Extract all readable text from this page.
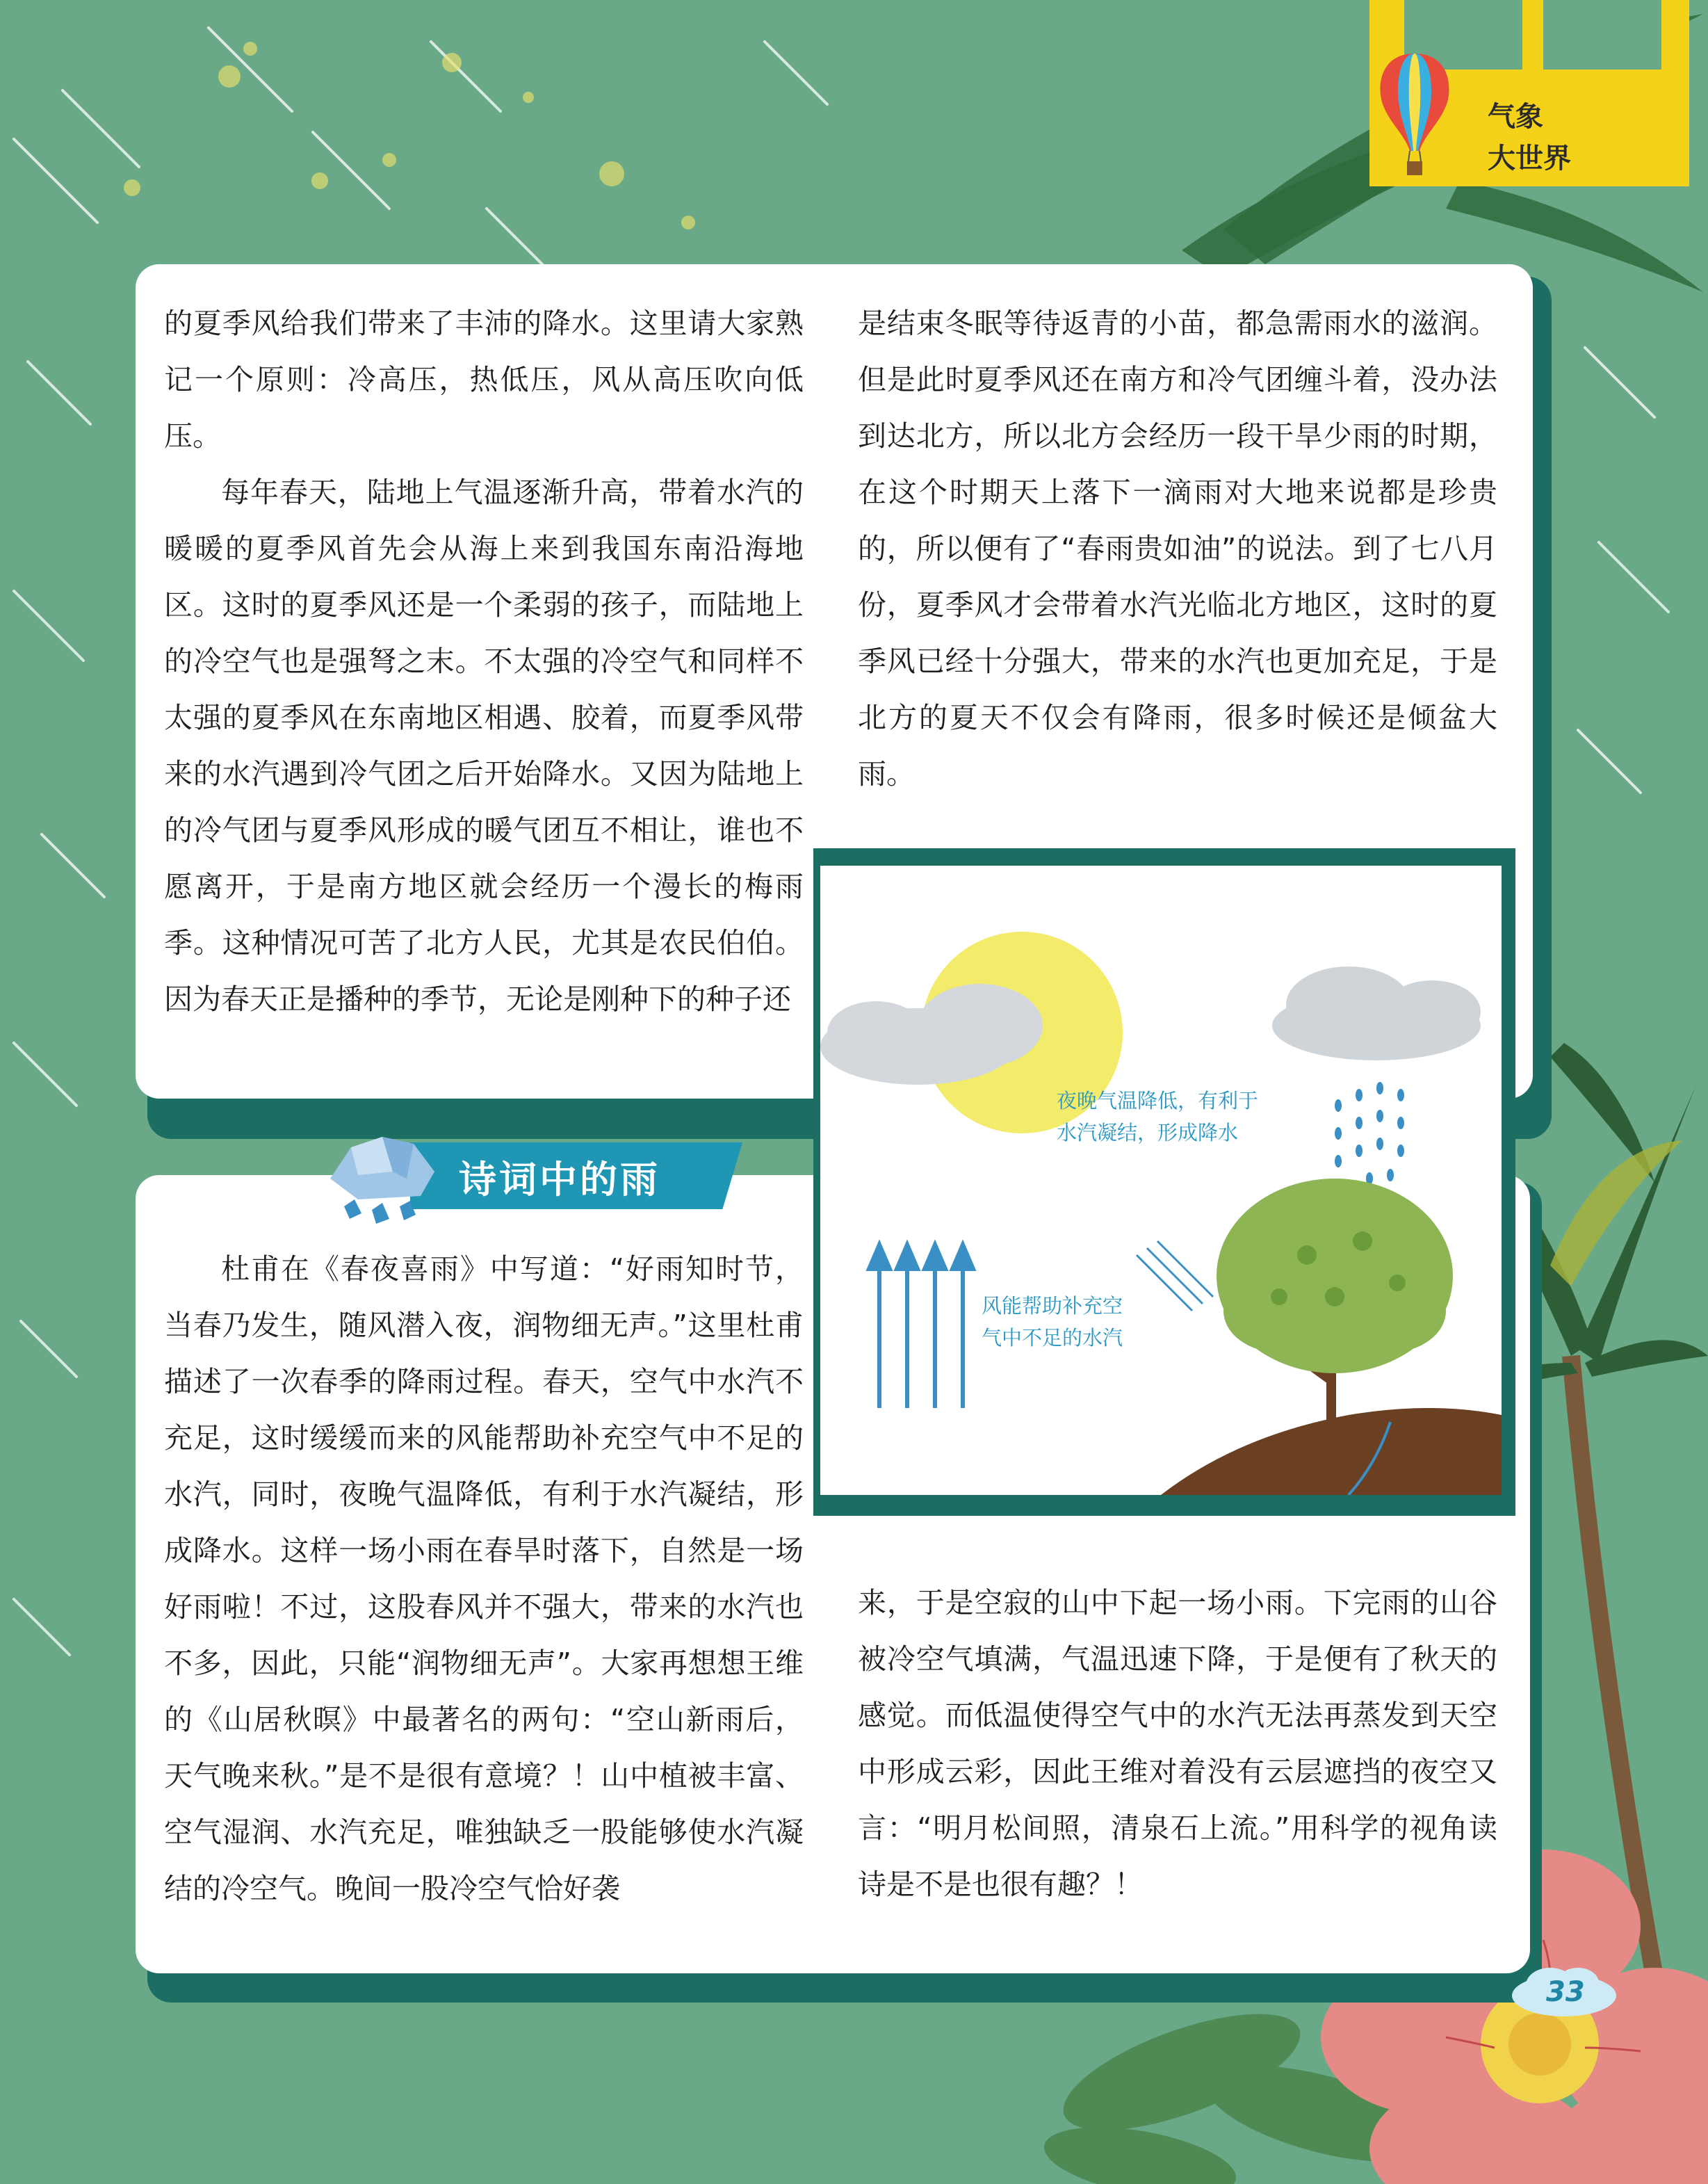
气象
大世界
夜晚气温降低，有利于
水汽凝结，形成降水
风能帮助补充空
气中不足的水汽

的夏季风给我们带来了丰沛的降水。这里请大家熟记一个原则：冷高压，热低压，风从高压吹向低压。

每年春天，陆地上气温逐渐升高，带着水汽的暖暖的夏季风首先会从海上来到我国东南沿海地区。这时的夏季风还是一个柔弱的孩子，而陆地上的冷空气也是强弩之末。不太强的冷空气和同样不太强的夏季风在东南地区相遇、胶着，而夏季风带来的水汽遇到冷气团之后开始降水。又因为陆地上的冷气团与夏季风形成的暖气团互不相让，谁也不愿离开，于是南方地区就会经历一个漫长的梅雨季。这种情况可苦了北方人民，尤其是农民伯伯。因为春天正是播种的季节，无论是刚种下的种子还

是结束冬眠等待返青的小苗，都急需雨水的滋润。但是此时夏季风还在南方和冷气团缠斗着，没办法到达北方，所以北方会经历一段干旱少雨的时期，在这个时期天上落下一滴雨对大地来说都是珍贵的，所以便有了“春雨贵如油”的说法。到了七八月份，夏季风才会带着水汽光临北方地区，这时的夏季风已经十分强大，带来的水汽也更加充足，于是北方的夏天不仅会有降雨，很多时候还是倾盆大雨。

诗词中的雨

杜甫在《春夜喜雨》中写道：“好雨知时节，当春乃发生，随风潜入夜，润物细无声。”这里杜甫描述了一次春季的降雨过程。春天，空气中水汽不充足，这时缓缓而来的风能帮助补充空气中不足的水汽，同时，夜晚气温降低，有利于水汽凝结，形成降水。这样一场小雨在春旱时落下，自然是一场好雨啦！不过，这股春风并不强大，带来的水汽也不多，因此，只能“润物细无声”。大家再想想王维的《山居秋暝》中最著名的两句：“空山新雨后，天气晚来秋。”是不是很有意境？！山中植被丰富、空气湿润、水汽充足，唯独缺乏一股能够使水汽凝结的冷空气。晚间一股冷空气恰好袭

来，于是空寂的山中下起一场小雨。下完雨的山谷被冷空气填满，气温迅速下降，于是便有了秋天的感觉。而低温使得空气中的水汽无法再蒸发到天空中形成云彩，因此王维对着没有云层遮挡的夜空又言：“明月松间照，清泉石上流。”用科学的视角读诗是不是也很有趣？！

33
